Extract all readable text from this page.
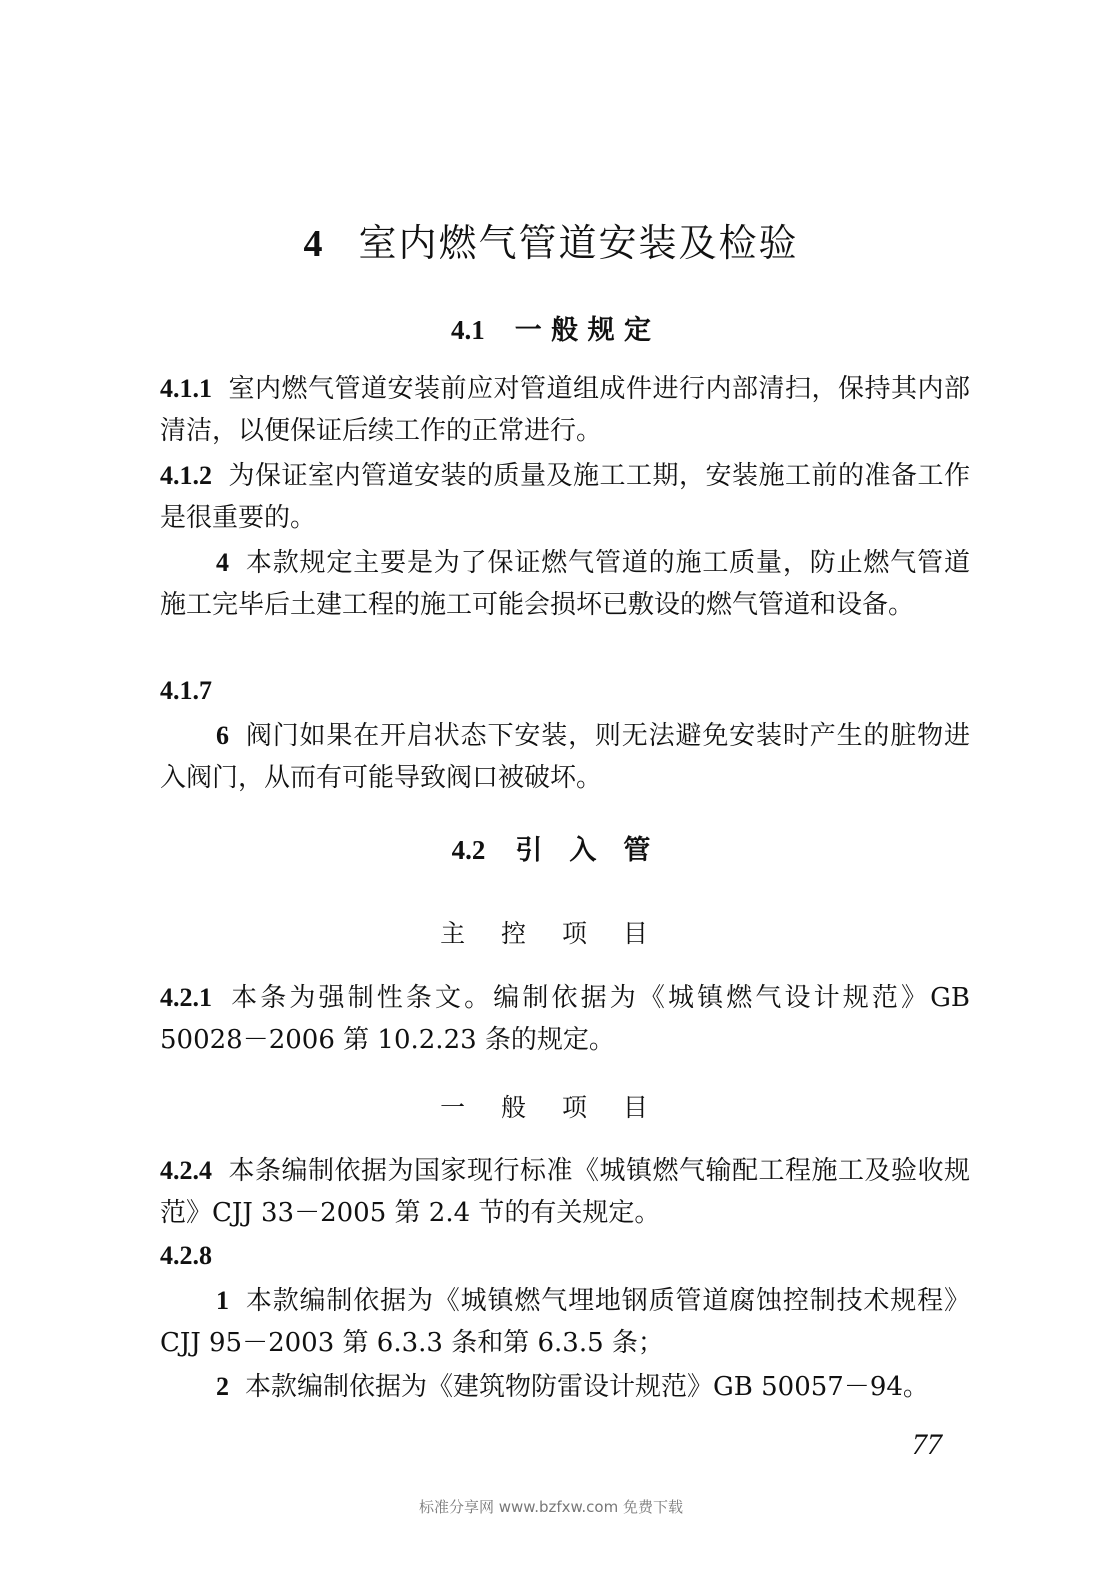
4 室内燃气管道安装及检验
4.1 一 般 规 定
4.1.1 室内燃气管道安装前应对管道组成件进行内部清扫，保持其内部清洁，以便保证后续工作的正常进行。
4.1.2 为保证室内管道安装的质量及施工工期，安装施工前的准备工作是很重要的。
4 本款规定主要是为了保证燃气管道的施工质量，防止燃气管道施工完毕后土建工程的施工可能会损坏已敷设的燃气管道和设备。
4.1.7
6 阀门如果在开启状态下安装，则无法避免安装时产生的脏物进入阀门，从而有可能导致阀口被破坏。
4.2 引　入　管
主 控 项 目
4.2.1 本条为强制性条文。编制依据为《城镇燃气设计规范》GB 50028－2006 第 10.2.23 条的规定。
一 般 项 目
4.2.4 本条编制依据为国家现行标准《城镇燃气输配工程施工及验收规范》CJJ 33－2005 第 2.4 节的有关规定。
4.2.8
1 本款编制依据为《城镇燃气埋地钢质管道腐蚀控制技术规程》CJJ 95－2003 第 6.3.3 条和第 6.3.5 条；
2 本款编制依据为《建筑物防雷设计规范》GB 50057－94。
77
标准分享网 www.bzfxw.com 免费下载
